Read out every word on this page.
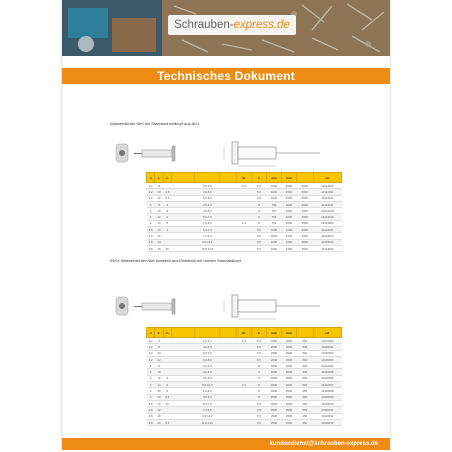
Schrauben- express.de
Technisches Dokument
Wasserdichter Niet mit Standardrundkopf aus ALU
d	L	+/-				d1	k	mm	mm		ref
3,2	8			2,5-4,0		3,2	6,5	1000	1500	5000	12114010
3,2	10	4,5		4,0-6,0			6,5	1000	1500	5000	12114011
3,2	12	6,5		6,0-8,0			6,5	1000	1500	5000	12114012
4	8	3		2,5-4,0			8	750	1000	2500	12114017
4	10	5		4,5-5,0			8	750	1000	2500	12114018
4	12	6		5,0-7,0			8	750	1000	2500	12114019
4	14	8		7,0-9,0		4,1	8	750	1000	2500	12114020
4,8	10	4		5,0-7,0			9,5	1000	1250	2500	12114021
4,8	12			7,0-9,0			9,5	1000	1250	2500	12114022
4,8	14			9,0-11,0			9,5	1000	1250	2500	12114023
4,8	16	10		10,5-12,5			9,5	1000	1250	2500	12114024
INOX Wasserdichter Niet komplett aus Edelstahl mit runden Standardkopf
d	L	+/-				d1	k	mm	mm		ref
3,2	6			1,0-3,0		3,3	6,5	2000	2000	500	13116000
3,2	8			3,0-4,5			6,5	2000	2000	500	13116001
3,2	10			4,5-6,0			6,5	2000	2000	500	13116002
3,2	12			6,0-8,0			6,5	2000	2000	500	13116003
4	8			2,5-4,0			8	4000	2000	500	13116004
4	10			4,0-6,0			8	4000	2000	500	13116005
4	12	6		6,0-8,0			8	4000	2000	500	13116006
4	14	6		8,0-10,0		4,1	8	4000	2000	500	13116007
4	16	8		1,6-4,0			8	4000	2500	250	13116008
4	20	8,5		3,0-5,0			8	2500	2500	250	13116009
4,8	10	10		5,0-7,0			9,5	2500	2500	250	13116010
4,8	12			7,0-9,0			9,5	2500	2500	250	13116011
4,8	16			9,0-11,0			9,5	2500	2500	250	13116012
4,8	20	9,5		11,0-13,0			9,5	2500	2500	250	13116013
kundendienst@schrauben-express.de
